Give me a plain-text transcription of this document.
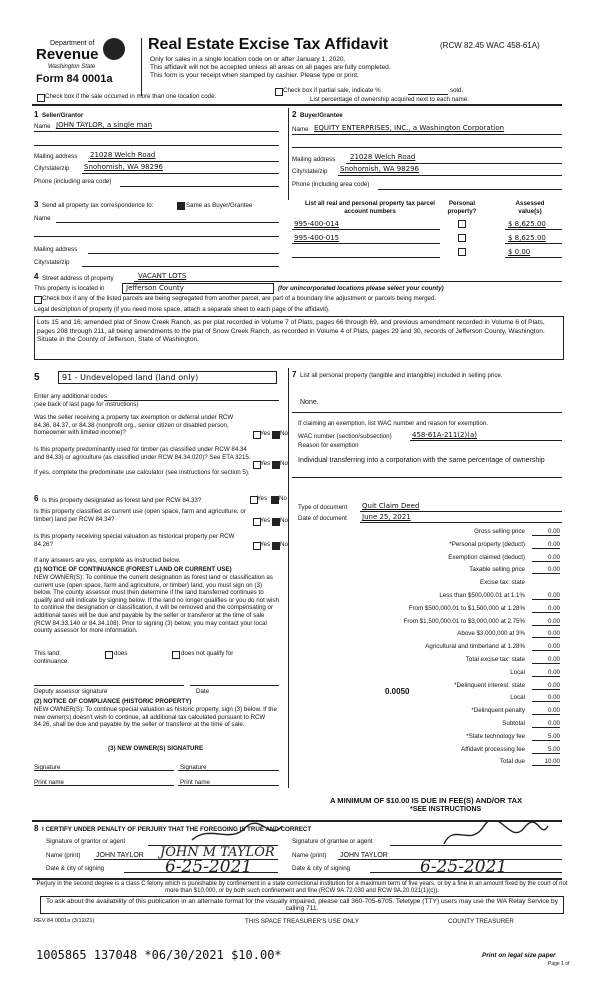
Department of
Revenue
Washington State
Form 84 0001a
Real Estate Excise Tax Affidavit	(RCW 82.45 WAC 458-61A)
Only for sales in a single location code on or after January 1, 2020.
This affidavit will not be accepted unless all areas on all pages are fully completed.
This form is your receipt when stamped by cashier. Please type or print.
Check box if the sale occurred in more than one location code.
Check box if partial sale, indicate %	sold.
List percentage of ownership acquired next to each name.
1 Seller/Grantor
Name JOHN TAYLOR, a single man
Mailing address 21028 Welch Road
City/state/zip Snohomish, WA 98296
Phone (including area code)
2 Buyer/Grantee
Name EQUITY ENTERPRISES, INC., a Washington Corporation
Mailing address 21028 Welch Road
City/state/zip Snohomish, WA 98296
Phone (including area code)
3 Send all property tax correspondence to:	Same as Buyer/Grantee
Name
Mailing address
City/state/zip
List all real and personal property tax parcel account numbers
Personal property?
Assessed value(s)
995-400-014	$ 8,625.00
995-400-015	$ 8,625.00
$ 0.00
4 Street address of property	VACANT LOTS
This property is located in	Jefferson County	(for unincorporated locations please select your county)
Check box if any of the listed parcels are being segregated from another parcel, are part of a boundary line adjustment or parcels being merged.
Legal description of property (if you need more space, attach a separate sheet to each page of the affidavit).
Lots 15 and 16; amended plat of Snow Creek Ranch, as per plat recorded in Volume 7 of Plats, pages 66 through 69, and previous amendment recorded in Volume 6 of Plats, pages 208 through 211, all being amendments to the plat of Snow Creek Ranch, as recorded in Volume 4 of Plats, pages 29 and 30, records of Jefferson County, Washington. Situate in the County of Jefferson, State of Washington.
5	91 - Undeveloped land (land only)
Enter any additional codes
(see back of last page for instructions)
Was the seller receiving a property tax exemption or deferral under RCW 84.36, 84.37, or 84.38 (nonprofit org., senior citizen or disabled person, homeowner with limited income)?	Yes No
Is this property predominantly used for timber (as classified under RCW 84.34 and 84.33) or agriculture (as classified under RCW 84.34.020)? See ETA 3215.
Yes No
If yes, complete the predominate use calculator (see instructions for section 5).
6 Is this property designated as forest land per RCW 84.33?	Yes No
Is this property classified as current use (open space, farm and agriculture, or timber) land per RCW 84.34?	Yes No
Is this property receiving special valuation as historical property per RCW 84.26?	Yes No
If any answers are yes, complete as instructed below.
(1) NOTICE OF CONTINUANCE (FOREST LAND OR CURRENT USE)
NEW OWNER(S): To continue the current designation as forest land or classification as current use (open space, farm and agriculture, or timber) land, you must sign on (3) below. The county assessor must then determine if the land transferred continues to qualify and will indicate by signing below. If the land no longer qualifies or you do not wish to continue the designation or classification, it will be removed and the compensating or additional taxes will be due and payable by the seller or transferor at the time of sale (RCW 84.33.140 or 84.34.108). Prior to signing (3) below, you may contact your local county assessor for more information.
This land:	does	does not qualify for
continuance.
Deputy assessor signature	Date
(2) NOTICE OF COMPLIANCE (HISTORIC PROPERTY)
NEW OWNER(S): To continue special valuation as historic property, sign (3) below. If the new owner(s) doesn't wish to continue, all additional tax calculated pursuant to RCW 84.26, shall be due and payable by the seller or transferor at the time of sale.
(3) NEW OWNER(S) SIGNATURE
Signature	Signature
Print name	Print name
7 List all personal property (tangible and intangible) included in selling price.
None.
If claiming an exemption, list WAC number and reason for exemption.
WAC number (section/subsection)	458-61A-211(2)(a)
Reason for exemption
Individual transferring into a corporation with the same percentage of ownership
Type of document Quit Claim Deed
Date of document June 25, 2021
Gross selling price	0.00
*Personal property (deduct)	0.00
Exemption claimed (deduct)	0.00
Taxable selling price	0.00
Excise tax: state
Less than $500,000.01 at 1.1%	0.00
From $500,000.01 to $1,500,000 at 1.28%	0.00
From $1,500,000.01 to $3,000,000 at 2.75%	0.00
Above $3,000,000 at 3%	0.00
Agricultural and timberland at 1.28%	0.00
Total excise tax: state	0.00
Local	0.00
*Delinquent interest: state	0.00
Local	0.00
*Delinquent penalty	0.00
Subtotal	0.00
*State technology fee	5.00
Affidavit processing fee	5.00
Total due	10.00
0.0050
A MINIMUM OF $10.00 IS DUE IN FEE(S) AND/OR TAX
*SEE INSTRUCTIONS
8 I CERTIFY UNDER PENALTY OF PERJURY THAT THE FOREGOING IS TRUE AND CORRECT
Signature of grantor or agent
Name (print) JOHN TAYLOR
Date & city of signing
JOHN M TAYLOR
6-25-2021
Signature of grantee or agent
Name (print) JOHN TAYLOR
Date & city of signing	6-25-2021
Perjury in the second degree is a class C felony which is punishable by confinement in a state correctional institution for a maximum term of five years, or by a fine in an amount fixed by the court of not more than $10,000, or by both such confinement and fine (RCW 9A.72.030 and RCW 9A.20.021(1)(c)).
To ask about the availability of this publication in an alternate format for the visually impaired, please call 360-705-6705. Teletype (TTY) users may use the WA Relay Service by calling 711.
REV 84 0001a (3/12/21)	THIS SPACE TREASURER'S USE ONLY	COUNTY TREASURER
1005865 137048 *06/30/2021 $10.00*	Print on legal size paper
Page 1 of
